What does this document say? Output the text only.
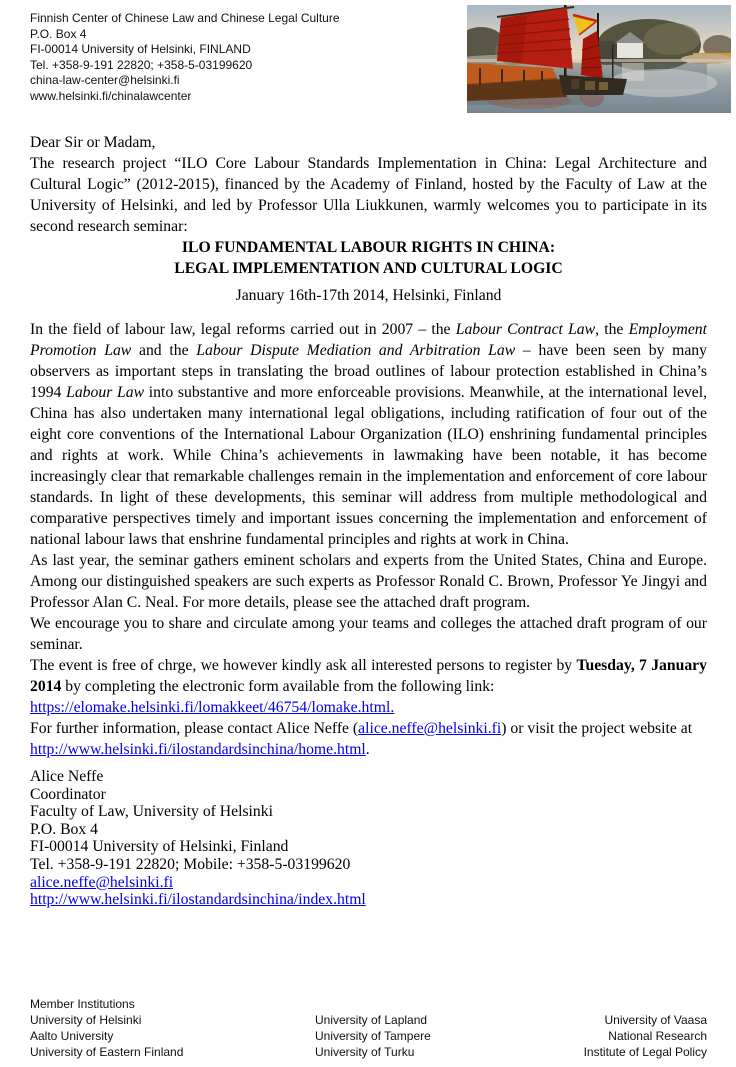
Finnish Center of Chinese Law and Chinese Legal Culture
P.O. Box 4
FI-00014 University of Helsinki, FINLAND
Tel. +358-9-191 22820; +358-5-03199620
china-law-center@helsinki.fi
www.helsinki.fi/chinalawcenter

Dear Sir or Madam,

The research project “ILO Core Labour Standards Implementation in China: Legal Architecture and Cultural Logic” (2012-2015), financed by the Academy of Finland, hosted by the Faculty of Law at the University of Helsinki, and led by Professor Ulla Liukkunen, warmly welcomes you to participate in its second research seminar:

ILO FUNDAMENTAL LABOUR RIGHTS IN CHINA:
LEGAL IMPLEMENTATION AND CULTURAL LOGIC
January 16th-17th 2014, Helsinki, Finland

In the field of labour law, legal reforms carried out in 2007 – the Labour Contract Law, the Employment Promotion Law and the Labour Dispute Mediation and Arbitration Law – have been seen by many observers as important steps in translating the broad outlines of labour protection established in China’s 1994 Labour Law into substantive and more enforceable provisions. Meanwhile, at the international level, China has also undertaken many international legal obligations, including ratification of four out of the eight core conventions of the International Labour Organization (ILO) enshrining fundamental principles and rights at work. While China’s achievements in lawmaking have been notable, it has become increasingly clear that remarkable challenges remain in the implementation and enforcement of core labour standards. In light of these developments, this seminar will address from multiple methodological and comparative perspectives timely and important issues concerning the implementation and enforcement of national labour laws that enshrine fundamental principles and rights at work in China.

As last year, the seminar gathers eminent scholars and experts from the United States, China and Europe. Among our distinguished speakers are such experts as Professor Ronald C. Brown, Professor Ye Jingyi and Professor Alan C. Neal. For more details, please see the attached draft program.

We encourage you to share and circulate among your teams and colleges the attached draft program of our seminar.

The event is free of chrge, we however kindly ask all interested persons to register by Tuesday, 7 January 2014 by completing the electronic form available from the following link:

https://elomake.helsinki.fi/lomakkeet/46754/lomake.html.

For further information, please contact Alice Neffe (alice.neffe@helsinki.fi) or visit the project website at http://www.helsinki.fi/ilostandardsinchina/home.html.

Alice Neffe
Coordinator
Faculty of Law, University of Helsinki
P.O. Box 4
FI-00014 University of Helsinki, Finland
Tel. +358-9-191 22820; Mobile: +358-5-03199620
alice.neffe@helsinki.fi
http://www.helsinki.fi/ilostandardsinchina/index.html
Member Institutions
University of Helsinki
Aalto University
University of Eastern Finland
University of Lapland
University of Tampere
University of Turku
University of Vaasa
National Research
Institute of Legal Policy
